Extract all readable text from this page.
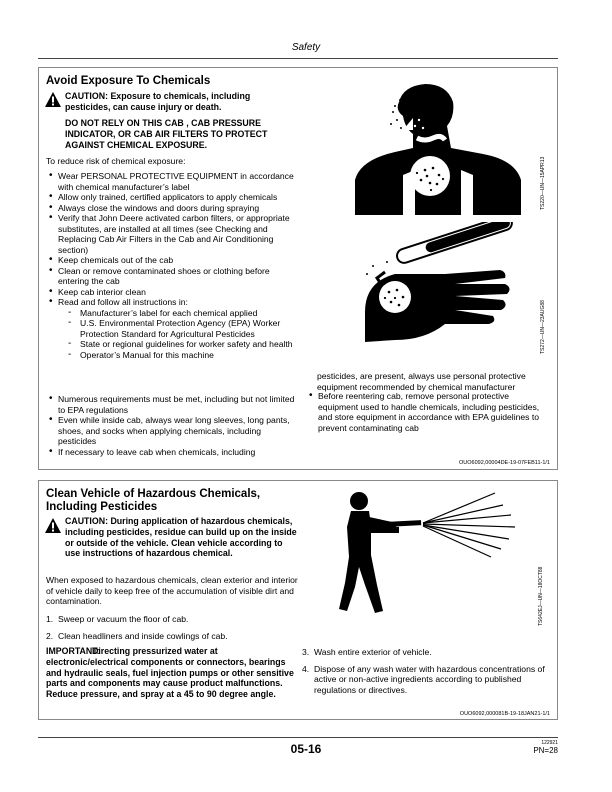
Safety
Avoid Exposure To Chemicals
CAUTION: Exposure to chemicals, including pesticides, can cause injury or death.
DO NOT RELY ON THIS CAB , CAB PRESSURE INDICATOR, OR CAB AIR FILTERS TO PROTECT AGAINST CHEMICAL EXPOSURE.
To reduce risk of chemical exposure:
• Wear PERSONAL PROTECTIVE EQUIPMENT in accordance with chemical manufacturer’s label
• Allow only trained, certified applicators to apply chemicals
• Always close the windows and doors during spraying
• Verify that John Deere activated carbon filters, or appropriate substitutes, are installed at all times (see Checking and Replacing Cab Air Filters in the Cab and Air Conditioning section)
• Keep chemicals out of the cab
• Clean or remove contaminated shoes or clothing before entering the cab
• Keep cab interior clean
• Read and follow all instructions in:
- Manufacturer’s label for each chemical applied
- U.S. Environmental Protection Agency (EPA) Worker Protection Standard for Agricultural Pesticides
- State or regional guidelines for worker safety and health
- Operator’s Manual for this machine
• Numerous requirements must be met, including but not limited to EPA regulations
• Even while inside cab, always wear long sleeves, long pants, shoes, and socks when applying chemicals, including pesticides
• If necessary to leave cab when chemicals, including
TS220—UN—15APR13
TS272—UN—23AUG88
pesticides, are present, always use personal protective equipment recommended by chemical manufacturer
• Before reentering cab, remove personal protective equipment used to handle chemicals, including pesticides, and store equipment in accordance with EPA guidelines to prevent contaminating cab
OUO6092,00004DE-19-07FEB11-1/1
Clean Vehicle of Hazardous Chemicals, Including Pesticides
CAUTION: During application of hazardous chemicals, including pesticides, residue can build up on the inside or outside of the vehicle. Clean vehicle according to use instructions of hazardous chemical.
When exposed to hazardous chemicals, clean exterior and interior of vehicle daily to keep free of the accumulation of visible dirt and contamination.
1. Sweep or vacuum the floor of cab.
2. Clean headliners and inside cowlings of cab.
IMPORTANT:
Directing pressurized water at electronic/electrical components or connectors, bearings and hydraulic seals, fuel injection pumps or other sensitive parts and components may cause product malfunctions. Reduce pressure, and spray at a 45 to 90 degree angle.
TS642EJ—UN—18OCT88
3. Wash entire exterior of vehicle.
4. Dispose of any wash water with hazardous concentrations of active or non-active ingredients according to published regulations or directives.
OUO6092,000081B-19-18JAN21-1/1
05-16	122921
PN=28
